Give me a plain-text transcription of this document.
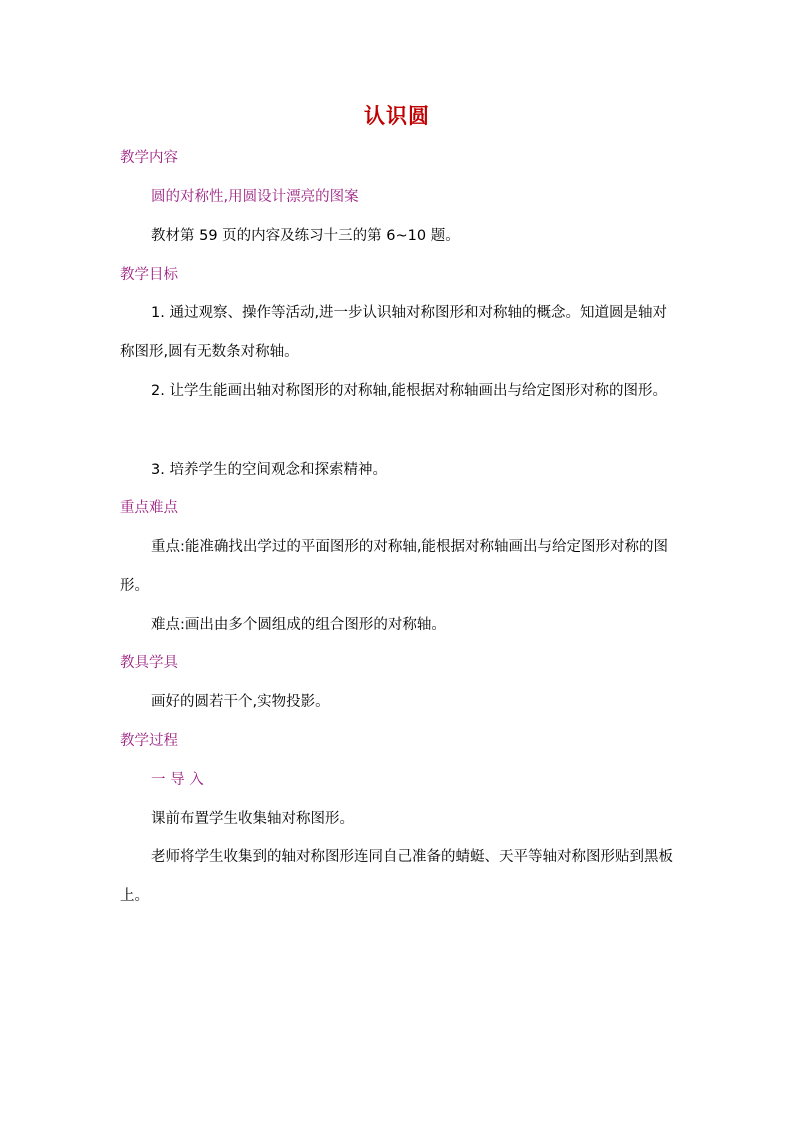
认识圆
教学内容
圆的对称性,用圆设计漂亮的图案
教材第 59 页的内容及练习十三的第 6~10 题。
教学目标
1. 通过观察、操作等活动,进一步认识轴对称图形和对称轴的概念。知道圆是轴对称图形,圆有无数条对称轴。
2. 让学生能画出轴对称图形的对称轴,能根据对称轴画出与给定图形对称的图形。
3. 培养学生的空间观念和探索精神。
重点难点
重点:能准确找出学过的平面图形的对称轴,能根据对称轴画出与给定图形对称的图形。
难点:画出由多个圆组成的组合图形的对称轴。
教具学具
画好的圆若干个,实物投影。
教学过程
一 导 入
课前布置学生收集轴对称图形。
老师将学生收集到的轴对称图形连同自己准备的蜻蜓、天平等轴对称图形贴到黑板上。
